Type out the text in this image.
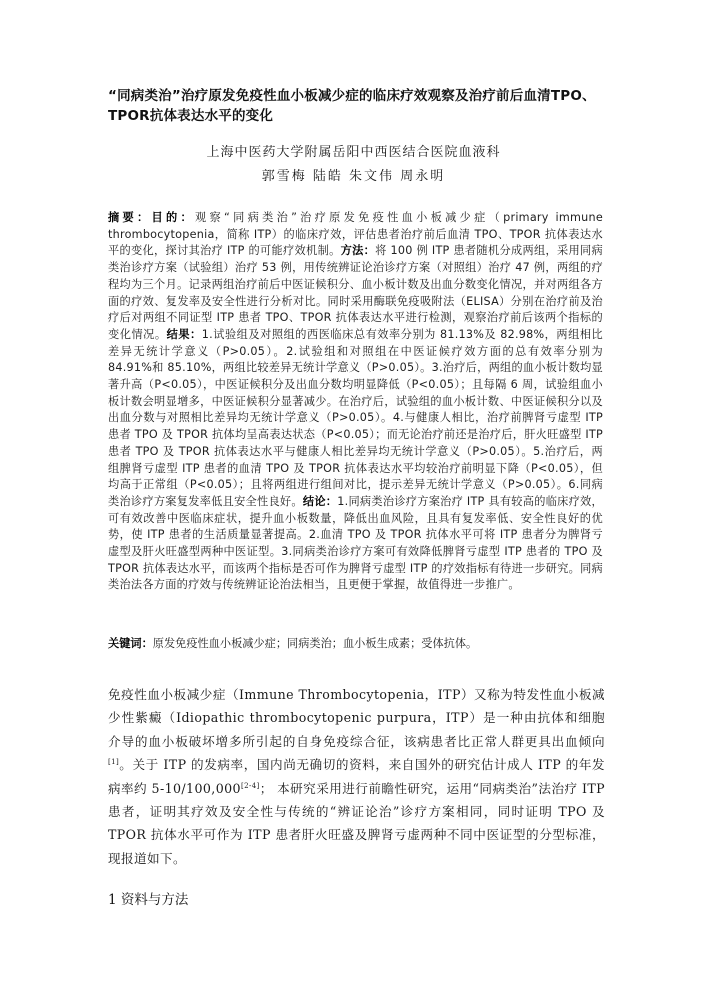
“同病类治”治疗原发免疫性血小板减少症的临床疗效观察及治疗前后血清TPO、TPOR抗体表达水平的变化
上海中医药大学附属岳阳中西医结合医院血液科
郭雪梅 陆皓 朱文伟 周永明
摘要：目的：观察“同病类治”治疗原发免疫性血小板减少症（primary immune thrombocytopenia，简称 ITP）的临床疗效，评估患者治疗前后血清 TPO、TPOR 抗体表达水平的变化，探讨其治疗 ITP 的可能疗效机制。方法：将 100 例 ITP 患者随机分成两组，采用同病类治诊疗方案（试验组）治疗 53 例，用传统辨证论治诊疗方案（对照组）治疗 47 例，两组的疗程均为三个月。记录两组治疗前后中医证候积分、血小板计数及出血分数变化情况，并对两组各方面的疗效、复发率及安全性进行分析对比。同时采用酶联免疫吸附法（ELISA）分别在治疗前及治疗后对两组不同证型 ITP 患者 TPO、TPOR 抗体表达水平进行检测，观察治疗前后该两个指标的变化情况。结果：1.试验组及对照组的西医临床总有效率分别为 81.13%及 82.98%，两组相比差异无统计学意义（P>0.05）。2.试验组和对照组在中医证候疗效方面的总有效率分别为 84.91%和 85.10%，两组比较差异无统计学意义（P>0.05）。3.治疗后，两组的血小板计数均显著升高（P<0.05），中医证候积分及出血分数均明显降低（P<0.05）；且每隔 6 周，试验组血小板计数会明显增多，中医证候积分显著减少。在治疗后，试验组的血小板计数、中医证候积分以及出血分数与对照相比差异均无统计学意义（P>0.05）。4.与健康人相比，治疗前脾肾亏虚型 ITP 患者 TPO 及 TPOR 抗体均呈高表达状态（P<0.05）；而无论治疗前还是治疗后，肝火旺盛型 ITP 患者 TPO 及 TPOR 抗体表达水平与健康人相比差异均无统计学意义（P>0.05）。5.治疗后，两组脾肾亏虚型 ITP 患者的血清 TPO 及 TPOR 抗体表达水平均较治疗前明显下降（P<0.05），但均高于正常组（P<0.05）；且将两组进行组间对比，提示差异无统计学意义（P>0.05）。6.同病类治诊疗方案复发率低且安全性良好。结论：1.同病类治诊疗方案治疗 ITP 具有较高的临床疗效，可有效改善中医临床症状，提升血小板数量，降低出血风险，且具有复发率低、安全性良好的优势，使 ITP 患者的生活质量显著提高。2.血清 TPO 及 TPOR 抗体水平可将 ITP 患者分为脾肾亏虚型及肝火旺盛型两种中医证型。3.同病类治诊疗方案可有效降低脾肾亏虚型 ITP 患者的 TPO 及 TPOR 抗体表达水平，而该两个指标是否可作为脾肾亏虚型 ITP 的疗效指标有待进一步研究。同病类治法各方面的疗效与传统辨证论治法相当，且更便于掌握，故值得进一步推广。
关键词：原发免疫性血小板减少症；同病类治；血小板生成素；受体抗体。
免疫性血小板减少症（Immune Thrombocytopenia，ITP）又称为特发性血小板减少性紫癜（Idiopathic thrombocytopenic purpura，ITP）是一种由抗体和细胞介导的血小板破坏增多所引起的自身免疫综合征，该病患者比正常人群更具出血倾向[1]。关于 ITP 的发病率，国内尚无确切的资料，来自国外的研究估计成人 ITP 的年发病率约 5-10/100,000[2-4]； 本研究采用进行前瞻性研究，运用“同病类治”法治疗 ITP 患者，证明其疗效及安全性与传统的“辨证论治”诊疗方案相同，同时证明 TPO 及 TPOR 抗体水平可作为 ITP 患者肝火旺盛及脾肾亏虚两种不同中医证型的分型标准，现报道如下。
1 资料与方法
